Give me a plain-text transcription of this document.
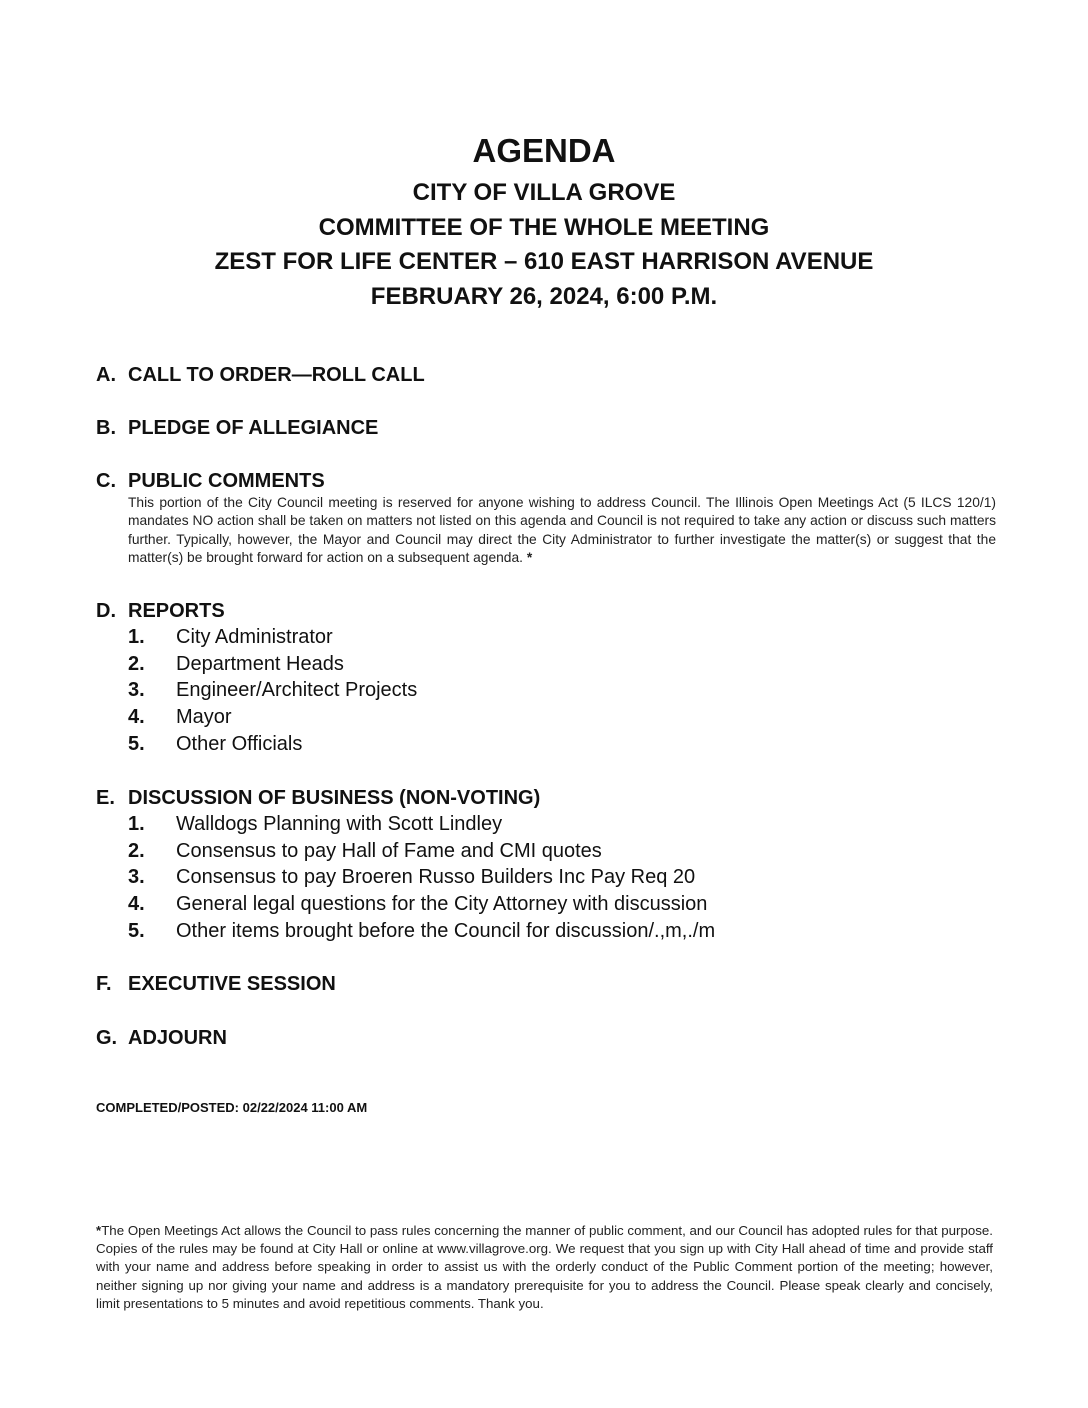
AGENDA
CITY OF VILLA GROVE
COMMITTEE OF THE WHOLE MEETING
ZEST FOR LIFE CENTER – 610 EAST HARRISON AVENUE
FEBRUARY 26, 2024, 6:00 P.M.
A. CALL TO ORDER—ROLL CALL
B. PLEDGE OF ALLEGIANCE
C. PUBLIC COMMENTS
This portion of the City Council meeting is reserved for anyone wishing to address Council. The Illinois Open Meetings Act (5 ILCS 120/1) mandates NO action shall be taken on matters not listed on this agenda and Council is not required to take any action or discuss such matters further. Typically, however, the Mayor and Council may direct the City Administrator to further investigate the matter(s) or suggest that the matter(s) be brought forward for action on a subsequent agenda. *
D. REPORTS
1. City Administrator
2. Department Heads
3. Engineer/Architect Projects
4. Mayor
5. Other Officials
E. DISCUSSION OF BUSINESS (NON-VOTING)
1. Walldogs Planning with Scott Lindley
2. Consensus to pay Hall of Fame and CMI quotes
3. Consensus to pay Broeren Russo Builders Inc Pay Req 20
4. General legal questions for the City Attorney with discussion
5. Other items brought before the Council for discussion/.,m,./m
F. EXECUTIVE SESSION
G. ADJOURN
COMPLETED/POSTED: 02/22/2024 11:00 AM
*The Open Meetings Act allows the Council to pass rules concerning the manner of public comment, and our Council has adopted rules for that purpose. Copies of the rules may be found at City Hall or online at www.villagrove.org. We request that you sign up with City Hall ahead of time and provide staff with your name and address before speaking in order to assist us with the orderly conduct of the Public Comment portion of the meeting; however, neither signing up nor giving your name and address is a mandatory prerequisite for you to address the Council. Please speak clearly and concisely, limit presentations to 5 minutes and avoid repetitious comments. Thank you.
